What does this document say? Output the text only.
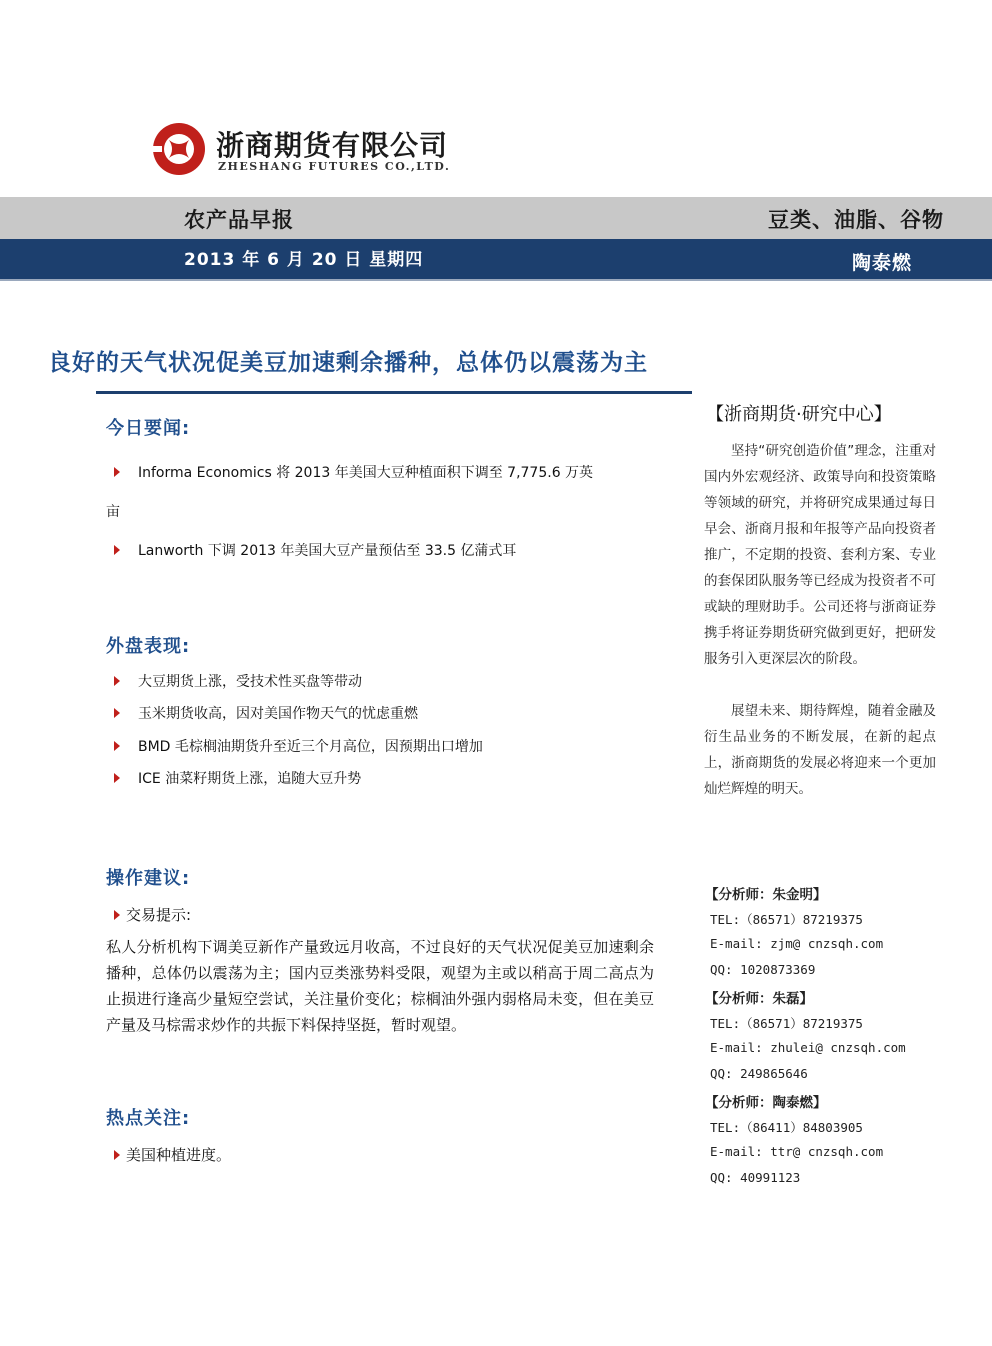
浙商期货有限公司
ZHESHANG FUTURES CO.,LTD.
农产品早报	豆类、油脂、谷物
2013 年 6 月 20 日 星期四	陶泰燃
良好的天气状况促美豆加速剩余播种，总体仍以震荡为主
今日要闻:
Informa Economics 将 2013 年美国大豆种植面积下调至 7,775.6 万英
亩
Lanworth 下调 2013 年美国大豆产量预估至 33.5 亿蒲式耳
外盘表现:
大豆期货上涨，受技术性买盘等带动
玉米期货收高，因对美国作物天气的忧虑重燃
BMD 毛棕榈油期货升至近三个月高位，因预期出口增加
ICE 油菜籽期货上涨，追随大豆升势
操作建议:
交易提示:
私人分析机构下调美豆新作产量致远月收高，不过良好的天气状况促美豆加速剩余播种，总体仍以震荡为主；国内豆类涨势料受限，观望为主或以稍高于周二高点为止损进行逢高少量短空尝试，关注量价变化；棕榈油外强内弱格局未变，但在美豆产量及马棕需求炒作的共振下料保持坚挺，暂时观望。
热点关注:
美国种植进度。
【浙商期货·研究中心】
坚持“研究创造价值”理念，注重对国内外宏观经济、政策导向和投资策略等领域的研究，并将研究成果通过每日早会、浙商月报和年报等产品向投资者推广，不定期的投资、套利方案、专业的套保团队服务等已经成为投资者不可或缺的理财助手。公司还将与浙商证券携手将证券期货研究做到更好，把研发服务引入更深层次的阶段。
展望未来、期待辉煌，随着金融及衍生品业务的不断发展，在新的起点上，浙商期货的发展必将迎来一个更加灿烂辉煌的明天。
【分析师：朱金明】
TEL:（86571）87219375
E-mail: zjm@ cnzsqh.com
QQ: 1020873369
【分析师：朱磊】
TEL:（86571）87219375
E-mail: zhulei@ cnzsqh.com
QQ: 249865646
【分析师：陶泰燃】
TEL:（86411）84803905
E-mail: ttr@ cnzsqh.com
QQ: 40991123
